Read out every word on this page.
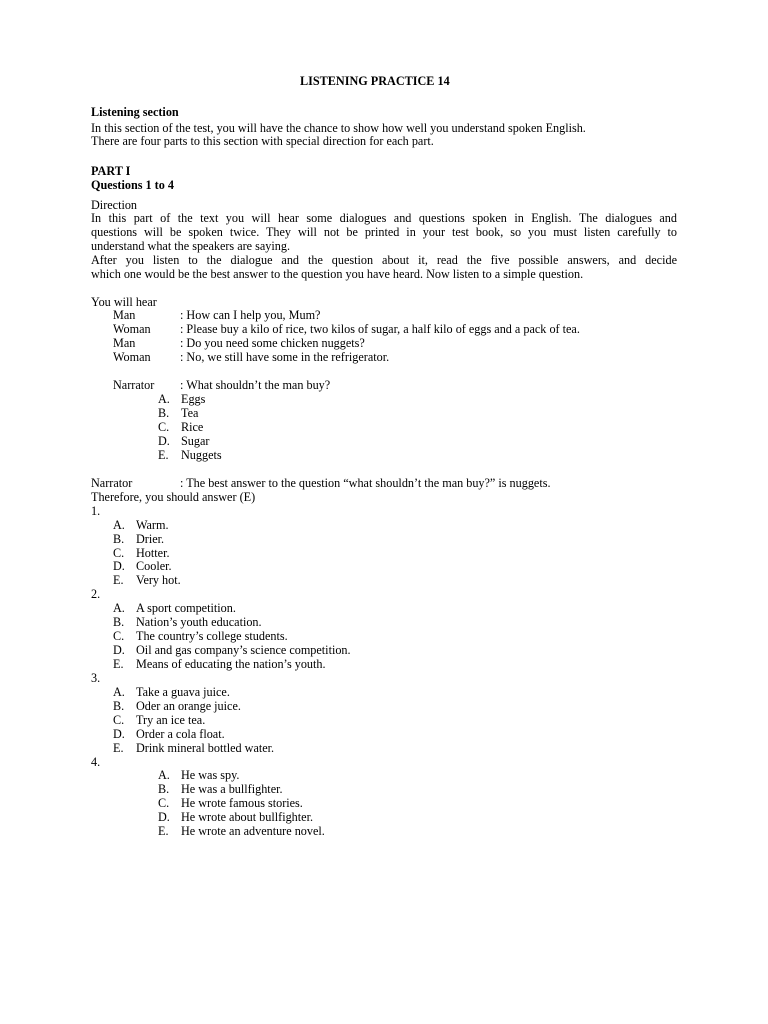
LISTENING PRACTICE 14
Listening section
In this section of the test, you will have the chance to show how well you understand spoken English.
There are four parts to this section with special direction for each part.
PART I
Questions 1 to 4
Direction
In this part of the text you will hear some dialogues and questions spoken in English. The dialogues and
questions will be spoken twice. They will not be printed in your test book, so you must listen carefully to
understand what the speakers are saying.
After you listen to the dialogue and the question about it, read the five possible answers, and decide
which one would be the best answer to the question you have heard. Now listen to a simple question.
You will hear
Man	: How can I help you, Mum?
Woman : Please buy a kilo of rice, two kilos of sugar, a half kilo of eggs and a pack of tea.
Man	: Do you need some chicken nuggets?
Woman : No, we still have some in the refrigerator.
Narrator : What shouldn’t the man buy?
A. Eggs
B. Tea
C. Rice
D. Sugar
E. Nuggets
Narrator	: The best answer to the question “what shouldn’t the man buy?” is nuggets.
Therefore, you should answer (E)
1.
A. Warm.
B. Drier.
C. Hotter.
D. Cooler.
E. Very hot.
2.
A. A sport competition.
B. Nation’s youth education.
C. The country’s college students.
D. Oil and gas company’s science competition.
E. Means of educating the nation’s youth.
3.
A. Take a guava juice.
B. Oder an orange juice.
C. Try an ice tea.
D. Order a cola float.
E. Drink mineral bottled water.
4.
A. He was spy.
B. He was a bullfighter.
C. He wrote famous stories.
D. He wrote about bullfighter.
E. He wrote an adventure novel.
